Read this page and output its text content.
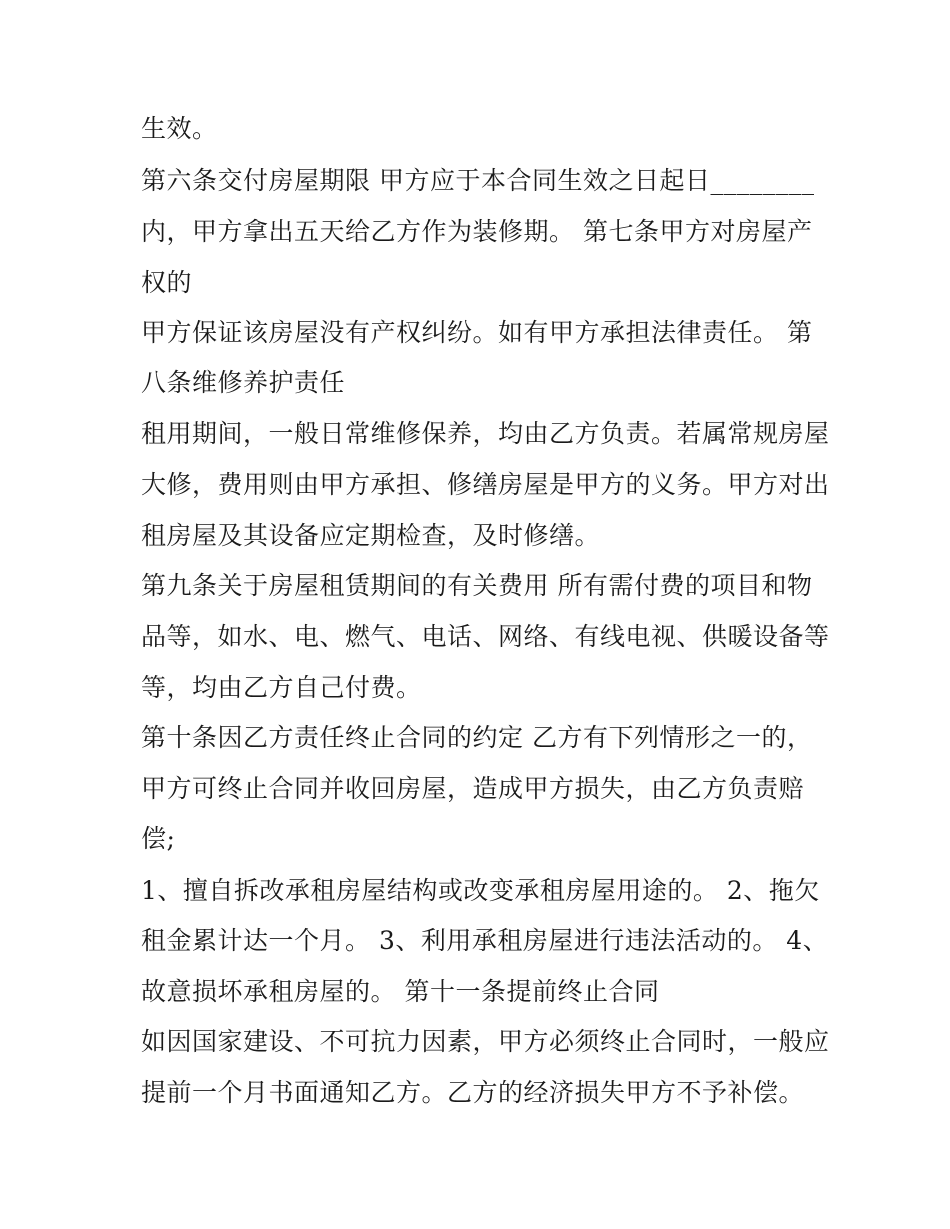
生效。
第六条交付房屋期限 甲方应于本合同生效之日起日________
内，甲方拿出五天给乙方作为装修期。 第七条甲方对房屋产
权的
甲方保证该房屋没有产权纠纷。如有甲方承担法律责任。 第
八条维修养护责任
租用期间，一般日常维修保养，均由乙方负责。若属常规房屋
大修，费用则由甲方承担、修缮房屋是甲方的义务。甲方对出
租房屋及其设备应定期检查，及时修缮。
第九条关于房屋租赁期间的有关费用 所有需付费的项目和物
品等，如水、电、燃气、电话、网络、有线电视、供暖设备等
等，均由乙方自己付费。
第十条因乙方责任终止合同的约定 乙方有下列情形之一的，
甲方可终止合同并收回房屋，造成甲方损失，由乙方负责赔
偿;
1、擅自拆改承租房屋结构或改变承租房屋用途的。 2、拖欠
租金累计达一个月。 3、利用承租房屋进行违法活动的。 4、
故意损坏承租房屋的。 第十一条提前终止合同
如因国家建设、不可抗力因素，甲方必须终止合同时，一般应
提前一个月书面通知乙方。乙方的经济损失甲方不予补偿。
